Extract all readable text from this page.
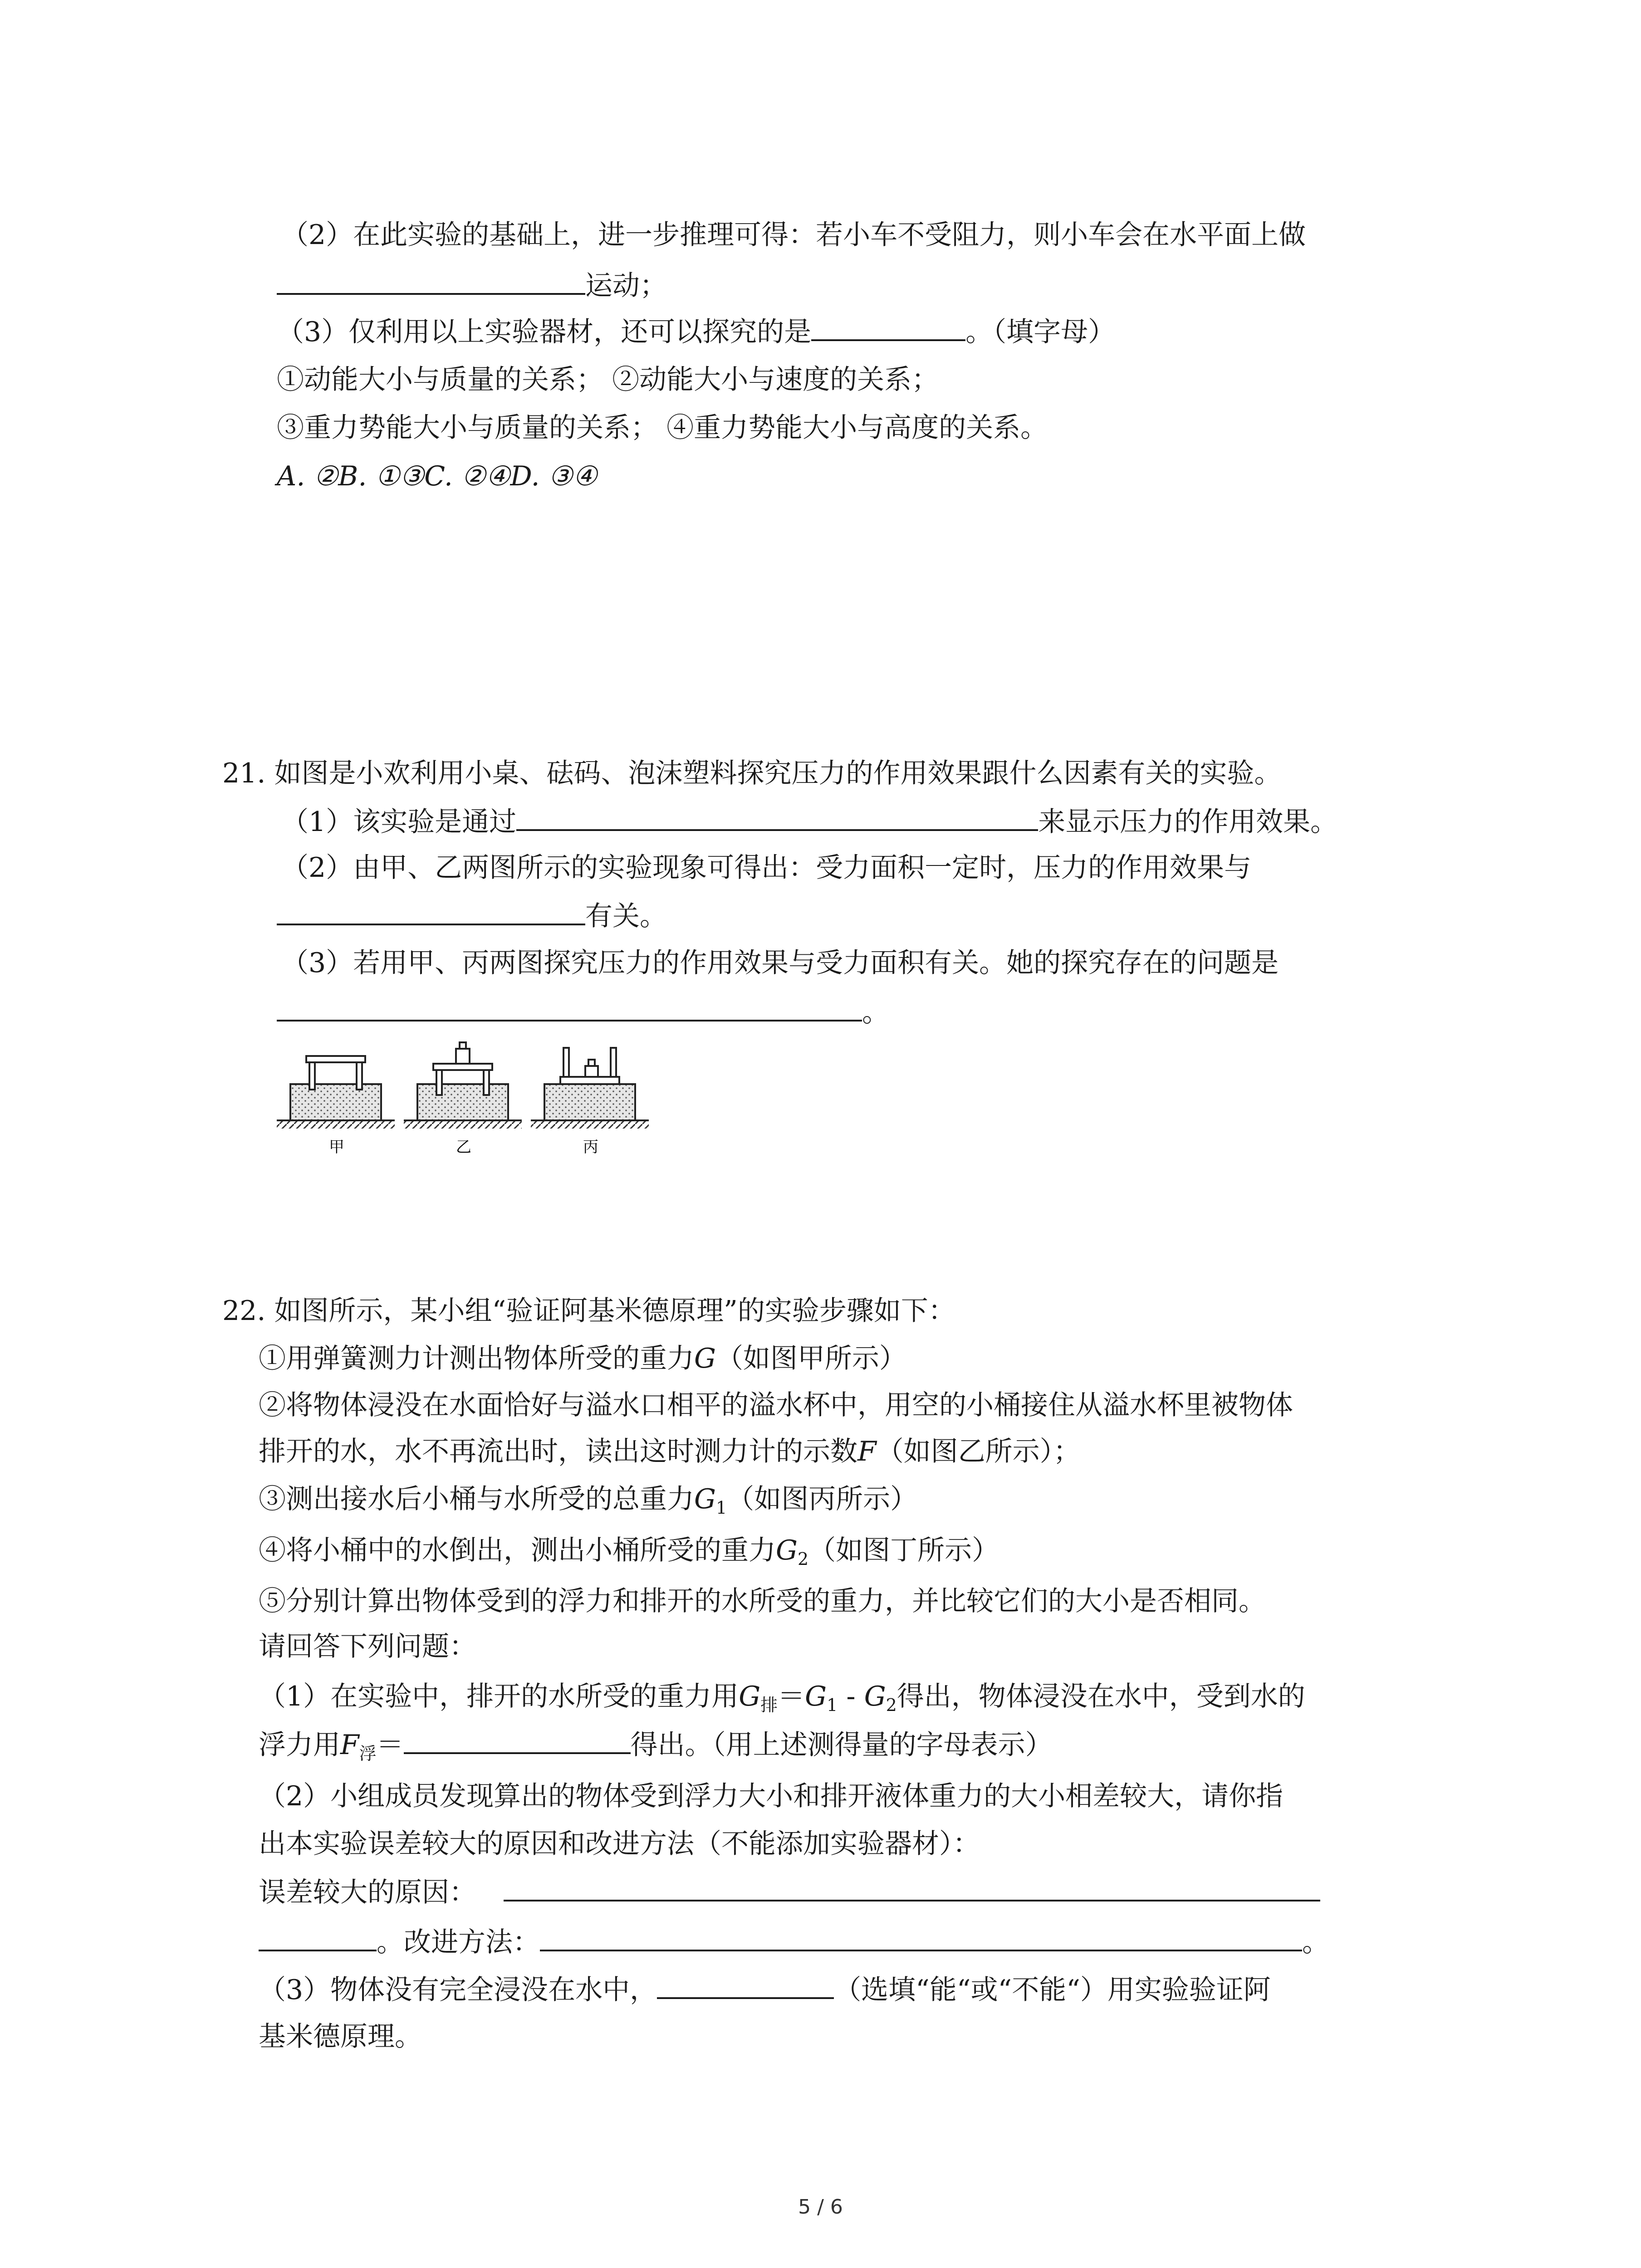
（2）在此实验的基础上，进一步推理可得：若小车不受阻力，则小车会在水平面上做
运动；
（3）仅利用以上实验器材，还可以探究的是	。（填字母）
①动能大小与质量的关系； ②动能大小与速度的关系；
③重力势能大小与质量的关系； ④重力势能大小与高度的关系。
A. ②B. ①③C. ②④D. ③④
21. 如图是小欢利用小桌、砝码、泡沫塑料探究压力的作用效果跟什么因素有关的实验。
（1）该实验是通过	来显示压力的作用效果。
（2）由甲、乙两图所示的实验现象可得出：受力面积一定时，压力的作用效果与
有关。
（3）若用甲、丙两图探究压力的作用效果与受力面积有关。她的探究存在的问题是
。
甲	乙	丙
22. 如图所示，某小组“验证阿基米德原理”的实验步骤如下：
①用弹簧测力计测出物体所受的重力G（如图甲所示）
②将物体浸没在水面恰好与溢水口相平的溢水杯中，用空的小桶接住从溢水杯里被物体
排开的水，水不再流出时，读出这时测力计的示数F（如图乙所示）；
③测出接水后小桶与水所受的总重力$G_1$（如图丙所示）
④将小桶中的水倒出，测出小桶所受的重力$G_2$（如图丁所示）
⑤分别计算出物体受到的浮力和排开的水所受的重力，并比较它们的大小是否相同。
请回答下列问题：
（1）在实验中，排开的水所受的重力用$G_排=G_1 - G_2$得出，物体浸没在水中，受到水的
浮力用$F_浮=$	得出。（用上述测得量的字母表示）
（2）小组成员发现算出的物体受到浮力大小和排开液体重力的大小相差较大，请你指
出本实验误差较大的原因和改进方法（不能添加实验器材）：
误差较大的原因：
。改进方法：	。
（3）物体没有完全浸没在水中，	（选填“能“或“不能“）用实验验证阿
基米德原理。
5 / 6
